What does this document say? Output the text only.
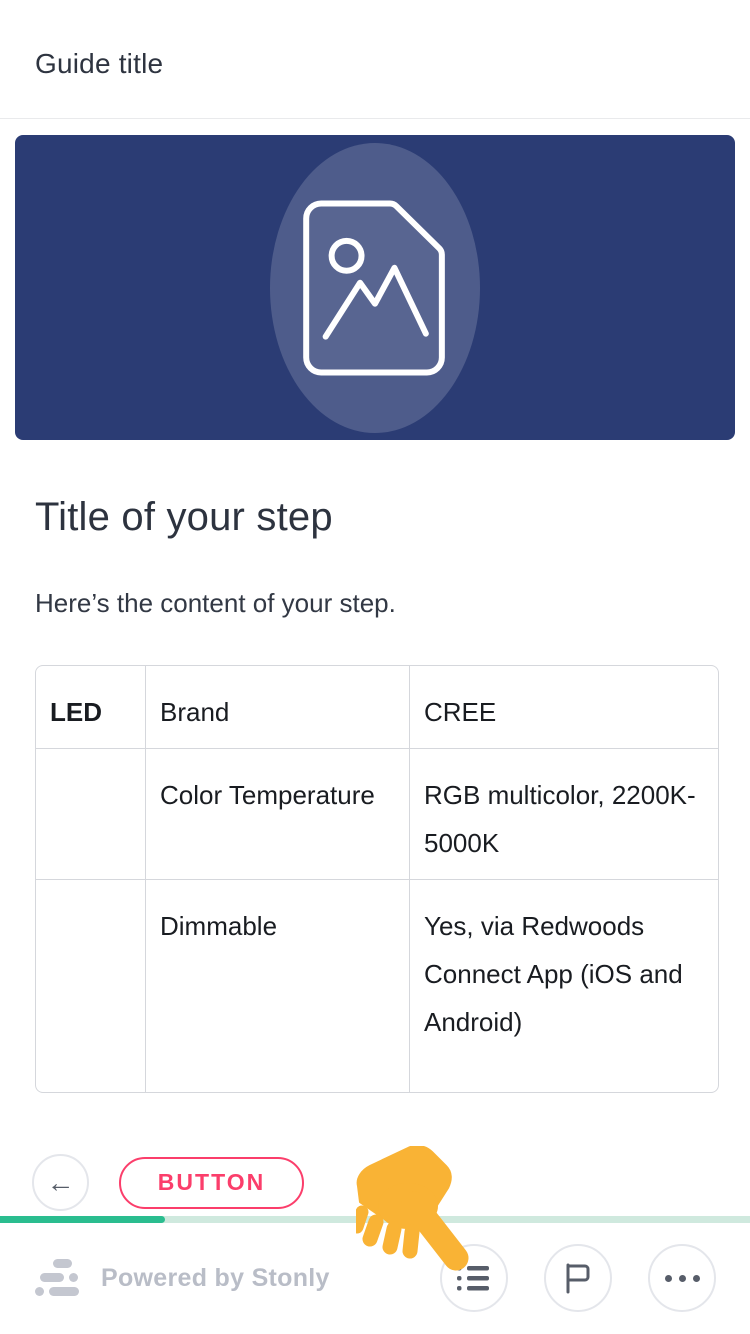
Guide title
Title of your step

Here’s the content of your step.

LED	Brand	CREE
	Color Temperature	RGB multicolor, 2200K-5000K
	Dimmable	Yes, via Redwoods Connect App (iOS and Android)
←	BUTTON
Powered by Stonly
